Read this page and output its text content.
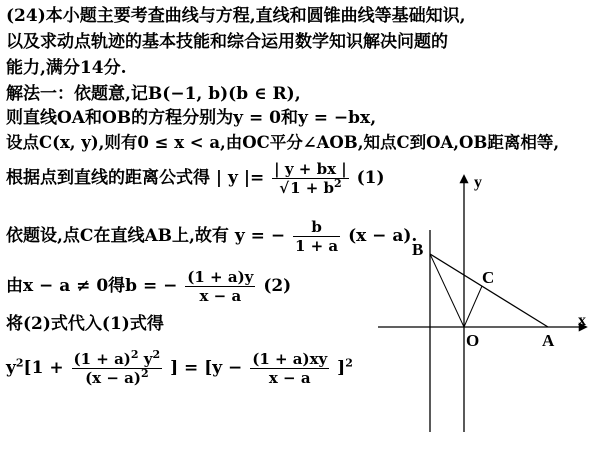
(24)本小题主要考查曲线与方程,直线和圆锥曲线等基础知识,
以及求动点轨迹的基本技能和综合运用数学知识解决问题的
能力,满分14分.
解法一：依题意,记B(−1, b)(b ∈ R),
则直线OA和OB的方程分别为y = 0和y = −bx,
设点C(x, y),则有0 ≤ x < a,由OC平分∠AOB,知点C到OA,OB距离相等,
根据点到直线的距离公式得 | y |= $\frac{| y + bx |}{√1 + b^2} (1)$
依题设,点C在直线AB上,故有 y = − $\frac{b}{1 + a} (x - a)$.
由x − a ≠ 0得b = − $\frac{(1 + a)y}{x - a} (2)$
将(2)式代入(1)式得
$y^2[1 + \frac{(1 + a)^2 y^2}{(x - a)^2}$ ] = $[y - \frac{(1 + a)xy}{x - a} ]^2$
y
x
B
C
O	A
